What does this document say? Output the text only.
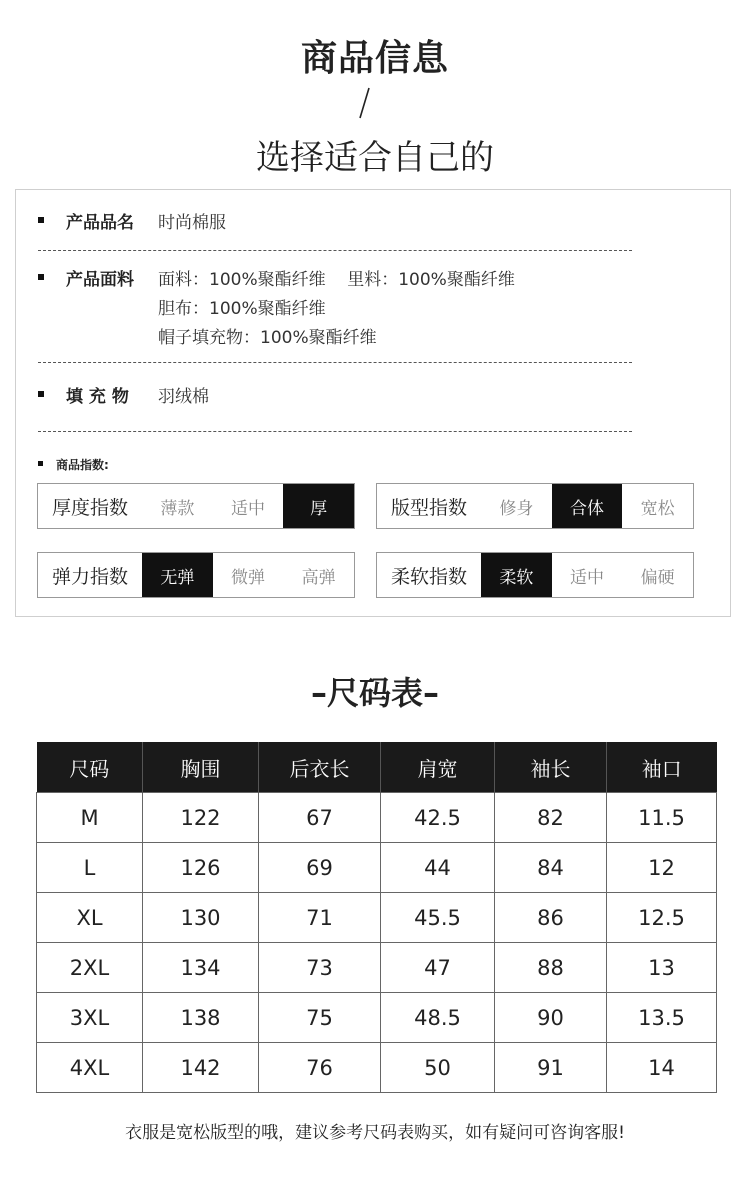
商品信息
选择适合自己的
产品品名 时尚棉服
产品面料 面料：100%聚酯纤维    里料：100%聚酯纤维
胆布：100%聚酯纤维
帽子填充物：100%聚酯纤维
填 充 物 羽绒棉
商品指数:
厚度指数	薄款	适中	厚	版型指数	修身	合体	宽松
弹力指数	无弹	微弹	高弹	柔软指数	柔软	适中	偏硬
–尺码表–
尺码	胸围	后衣长	肩宽	袖长	袖口
M	122	67	42.5	82	11.5
L	126	69	44	84	12
XL	130	71	45.5	86	12.5
2XL	134	73	47	88	13
3XL	138	75	48.5	90	13.5
4XL	142	76	50	91	14
衣服是宽松版型的哦，建议参考尺码表购买，如有疑问可咨询客服!
